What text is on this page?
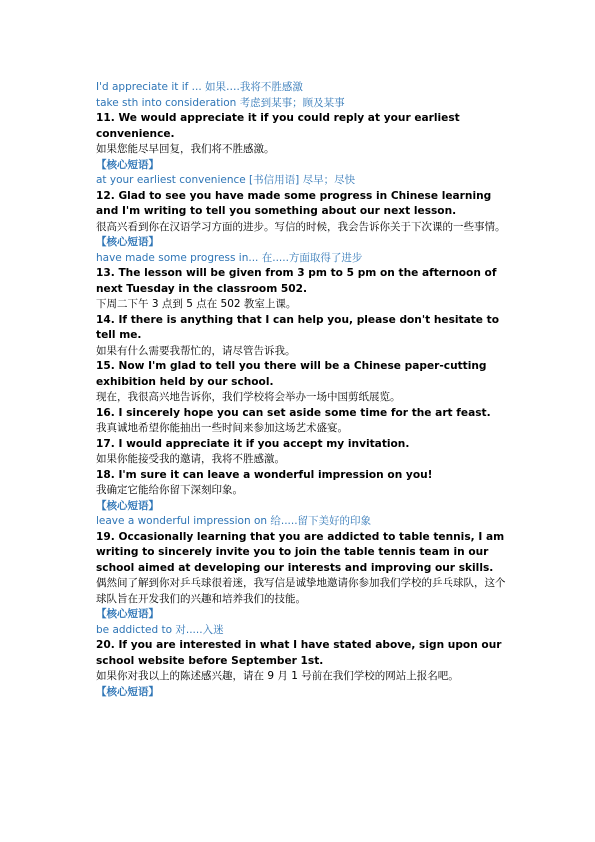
I'd appreciate it if ... 如果….我将不胜感激

take sth into consideration 考虑到某事；顾及某事

11. We would appreciate it if you could reply at your earliest convenience.

如果您能尽早回复，我们将不胜感激。

【核心短语】

at your earliest convenience [书信用语] 尽早；尽快

12. Glad to see you have made some progress in Chinese learning and I'm writing to tell you something about our next lesson.

很高兴看到你在汉语学习方面的进步。写信的时候，我会告诉你关于下次课的一些事情。

【核心短语】

have made some progress in... 在.....方面取得了进步

13. The lesson will be given from 3 pm to 5 pm on the afternoon of next Tuesday in the classroom 502.

下周二下午 3 点到 5 点在 502 教室上课。

14. If there is anything that I can help you, please don't hesitate to tell me.

如果有什么需要我帮忙的，请尽管告诉我。

15. Now I'm glad to tell you there will be a Chinese paper-cutting exhibition held by our school.

现在，我很高兴地告诉你，我们学校将会举办一场中国剪纸展览。

16. I sincerely hope you can set aside some time for the art feast.

我真诚地希望你能抽出一些时间来参加这场艺术盛宴。

17. I would appreciate it if you accept my invitation.

如果你能接受我的邀请，我将不胜感激。

18. I'm sure it can leave a wonderful impression on you!

我确定它能给你留下深刻印象。

【核心短语】

leave a wonderful impression on 给.....留下美好的印象

19. Occasionally learning that you are addicted to table tennis, I am writing to sincerely invite you to join the table tennis team in our school aimed at developing our interests and improving our skills.

偶然间了解到你对乒乓球很着迷，我写信是诚挚地邀请你参加我们学校的乒乓球队，这个球队旨在开发我们的兴趣和培养我们的技能。

【核心短语】

be addicted to 对.....入迷

20. If you are interested in what I have stated above, sign upon our school website before September 1st.

如果你对我以上的陈述感兴趣，请在 9 月 1 号前在我们学校的网站上报名吧。

【核心短语】
